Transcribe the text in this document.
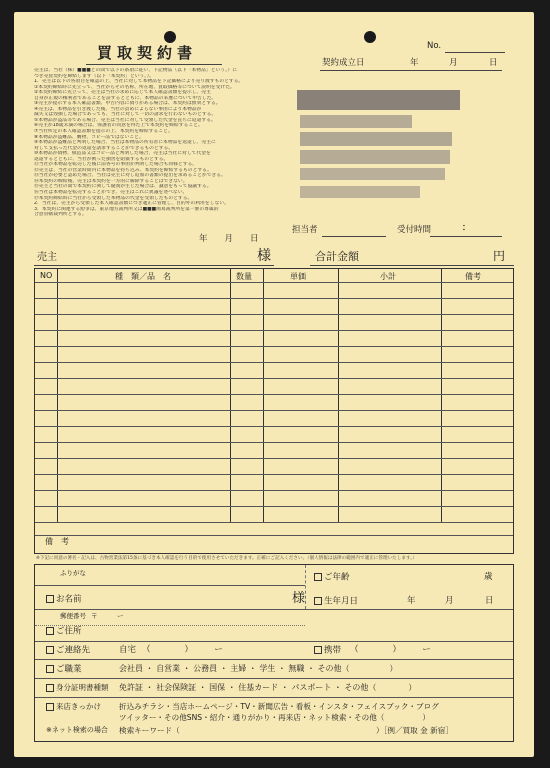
買取契約書	No.
契約成立日	年	月	日
売主は、当社（株）■■■との間で以下の条項に従い、下記物品（以下「本物品」という。）に
つき売買契約を締結します（以下「本契約」という。）。
1．売主は以下の各項目を確認の上、当社に対して本物品を下記価格により売り渡すものとする。
①本契約締結時に先立って、当社からその名称、所在地、買取価格等について説明を受けた。
②本契約締結に先立って、売主は当社の求めに応じて本人確認書類を提示し、売主
自身が正規の権利者であることを証するとともに、本物品の来歴について申告した。
③売主が提示する本人確認書類、申告内容に偽りがある場合は、本契約は無効とする。
④売主は、本物品を引き渡した後、当社の責めによらない事由により本物品が
滅失又は毀損した場合であっても、当社に対して一切の請求を行わないものとする。
⑤本物品が盗品等である場合、売主は当社に対して受領した代金を直ちに返還する。
⑥売主が18歳未満の場合は、保護者の同意を得た上で本契約を締結すること。
⑦当社所定の本人確認書類を提示の上、本契約を締結すること。
⑧本物品が盗難品、贋物、コピー品ではないこと。
⑨本物品が盗難品と判明した場合、当社は本物品の所有者に本物品を返還し、売主に
対して支払った代金の返還を請求することができるものとする。
⑩本物品が偽物、模造品又はコピー品と判明した場合、売主は当社に対して代金を
返還するとともに、当社が被った損害を賠償するものとする。
⑪当社が本物品を転売した後に前各号の事由が判明した場合も同様とする。
⑫売主は、当社の営業時間内に本物品を持ち込み、本契約を締結するものとする。
⑬当社が必要と認めた場合、当社は売主に対し追加の書類の提出を求めることができる。
⑭本契約の締結後、売主は本契約を一方的に解除することはできない。
⑮売主と当社の間で本契約に関して疑義が生じた場合は、誠意をもって協議する。
⑯当社は本物品を転売することができ、売主はこれに異議を述べない。
⑰本契約締結時に当社から受領した本物品の代金を受領したものとする。
2．当社は、売主から受領した本人確認書類につき適正に管理し、目的外の利用をしない。
3．本契約に関連する紛争は、東京地方裁判所又は■■■簡易裁判所を第一審の専属的
合意管轄裁判所とする。
年　　月　　日
担当者	受付時間	：
売主	様	合計金額	円
NO	種　類／品　名	数量	単価	小計	備考
備　考
※下記に同意の署名・記入は、古物営業法第15条に基づき本人確認を行う目的で使用させていただきます。正確にご記入ください。（個人情報は法律の範囲内で適正に管理いたします。）
ふりがな	ご年齢	歳
お名前	様	生年月日	年	月	日
郵便番号 〒　　　ー
ご住所
ご連絡先	自宅 （　　　　）　　　ー	携帯 （　　　　）　　　ー
ご職業	会社員 ・ 自営業 ・ 公務員 ・ 主婦 ・ 学生 ・ 無職 ・ その他（　　　　　）
身分証明書種類 免許証 ・ 社会保険証 ・ 国保 ・ 住基カード ・ パスポート ・ その他（　　　　）
来店きっかけ 折込みチラシ・当店ホームページ・TV・新聞広告・看板・インスタ・フェイスブック・ブログ
ツイッター・その他SNS・紹介・通りがかり・再来店・ネット検索・その他（　　　　　）
※ネット検索の場合 検索キーワード（	）［例／買取 金 新宿］
